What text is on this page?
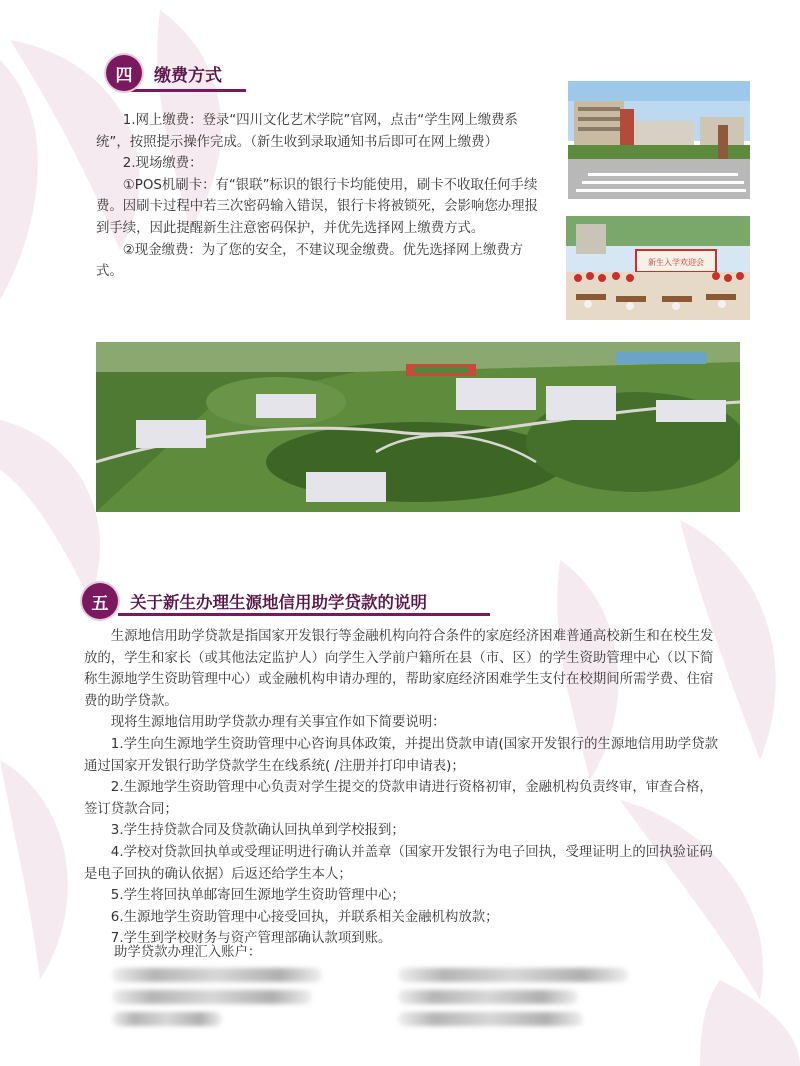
四	缴费方式

1.网上缴费：登录“四川文化艺术学院”官网，点击“学生网上缴费系统”，按照提示操作完成。（新生收到录取通知书后即可在网上缴费）

2.现场缴费：

①POS机刷卡：有“银联”标识的银行卡均能使用，刷卡不收取任何手续费。因刷卡过程中若三次密码输入错误，银行卡将被锁死，会影响您办理报到手续，因此提醒新生注意密码保护，并优先选择网上缴费方式。

②现金缴费：为了您的安全，不建议现金缴费。优先选择网上缴费方式。

新生入学欢迎会
五	关于新生办理生源地信用助学贷款的说明

生源地信用助学贷款是指国家开发银行等金融机构向符合条件的家庭经济困难普通高校新生和在校生发放的，学生和家长（或其他法定监护人）向学生入学前户籍所在县（市、区）的学生资助管理中心（以下简称生源地学生资助管理中心）或金融机构申请办理的，帮助家庭经济困难学生支付在校期间所需学费、住宿费的助学贷款。

现将生源地信用助学贷款办理有关事宜作如下简要说明：

1.学生向生源地学生资助管理中心咨询具体政策，并提出贷款申请(国家开发银行的生源地信用助学贷款通过国家开发银行助学贷款学生在线系统( /注册并打印申请表)；

2.生源地学生资助管理中心负责对学生提交的贷款申请进行资格初审，金融机构负责终审，审查合格，签订贷款合同；

3.学生持贷款合同及贷款确认回执单到学校报到；

4.学校对贷款回执单或受理证明进行确认并盖章（国家开发银行为电子回执，受理证明上的回执验证码是电子回执的确认依据）后返还给学生本人；

5.学生将回执单邮寄回生源地学生资助管理中心；

6.生源地学生资助管理中心接受回执，并联系相关金融机构放款；

7.学生到学校财务与资产管理部确认款项到账。

助学贷款办理汇入账户：
